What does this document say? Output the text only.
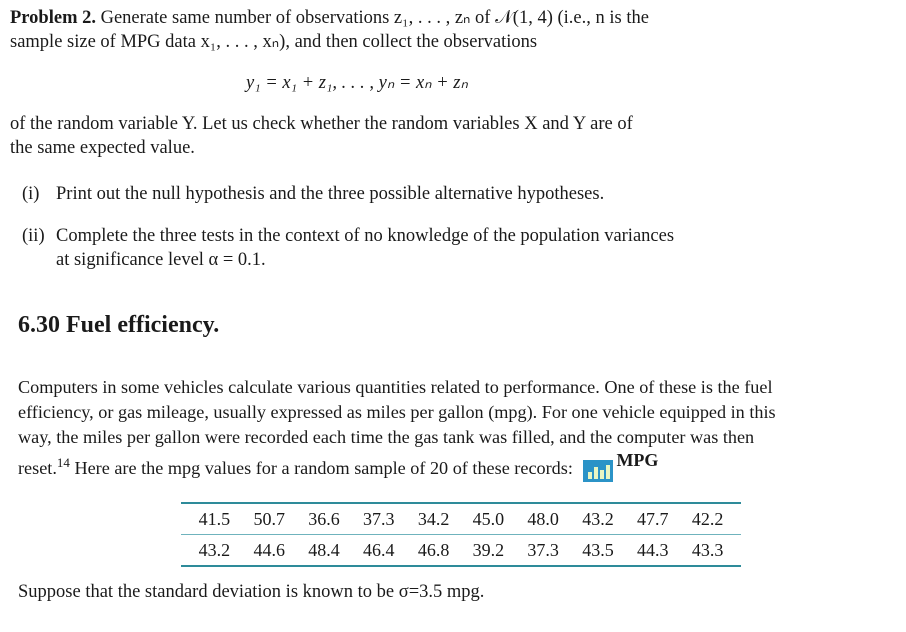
Problem 2. Generate same number of observations z₁, . . . , zₙ of 𝒩(1, 4) (i.e., n is the
sample size of MPG data x₁, . . . , xₙ), and then collect the observations
y₁ = x₁ + z₁, . . . , yₙ = xₙ + zₙ
of the random variable Y. Let us check whether the random variables X and Y are of
the same expected value.
(i) Print out the null hypothesis and the three possible alternative hypotheses.
(ii) Complete the three tests in the context of no knowledge of the population variances
at significance level α = 0.1.
6.30 Fuel efficiency.
Computers in some vehicles calculate various quantities related to performance. One of these is the fuel
efficiency, or gas mileage, usually expressed as miles per gallon (mpg). For one vehicle equipped in this
way, the miles per gallon were recorded each time the gas tank was filled, and the computer was then
reset.$^{14}$ Here are the mpg values for a random sample of 20 of these records: MPG
41.5	50.7	36.6	37.3	34.2	45.0	48.0	43.2	47.7	42.2
43.2	44.6	48.4	46.4	46.8	39.2	37.3	43.5	44.3	43.3
Suppose that the standard deviation is known to be σ=3.5 mpg.
